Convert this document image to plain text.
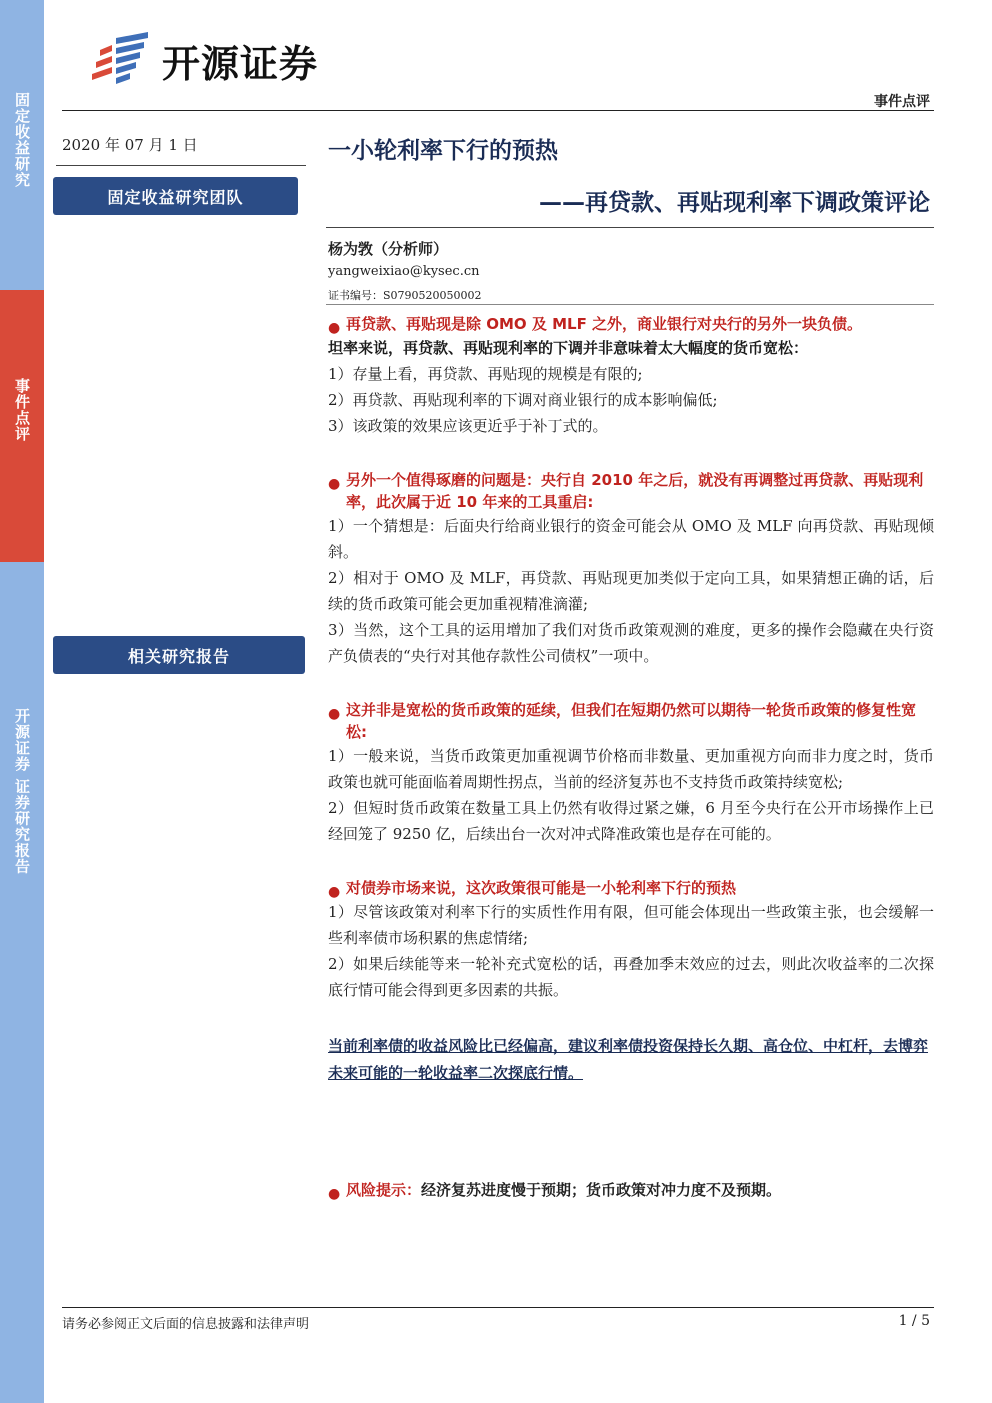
固定收益研究
事件点评
开源证券 证券研究报告
开源证券
事件点评
2020 年 07 月 1 日
固定收益研究团队
相关研究报告
一小轮利率下行的预热
——再贷款、再贴现利率下调政策评论
杨为敩（分析师）
yangweixiao@kysec.cn
证书编号：S0790520050002
● 再贷款、再贴现是除 OMO 及 MLF 之外，商业银行对央行的另外一块负债。
坦率来说，再贷款、再贴现利率的下调并非意味着太大幅度的货币宽松：
1）存量上看，再贷款、再贴现的规模是有限的;
2）再贷款、再贴现利率的下调对商业银行的成本影响偏低;
3）该政策的效果应该更近乎于补丁式的。
● 另外一个值得琢磨的问题是：央行自 2010 年之后，就没有再调整过再贷款、再贴现利率，此次属于近 10 年来的工具重启:
1）一个猜想是：后面央行给商业银行的资金可能会从 OMO 及 MLF 向再贷款、再贴现倾斜。
2）相对于 OMO 及 MLF，再贷款、再贴现更加类似于定向工具，如果猜想正确的话，后续的货币政策可能会更加重视精准滴灌;
3）当然，这个工具的运用增加了我们对货币政策观测的难度，更多的操作会隐藏在央行资产负债表的“央行对其他存款性公司债权”一项中。
● 这并非是宽松的货币政策的延续，但我们在短期仍然可以期待一轮货币政策的修复性宽松:
1）一般来说，当货币政策更加重视调节价格而非数量、更加重视方向而非力度之时，货币政策也就可能面临着周期性拐点，当前的经济复苏也不支持货币政策持续宽松;
2）但短时货币政策在数量工具上仍然有收得过紧之嫌，6 月至今央行在公开市场操作上已经回笼了 9250 亿，后续出台一次对冲式降准政策也是存在可能的。
● 对债券市场来说，这次政策很可能是一小轮利率下行的预热
1）尽管该政策对利率下行的实质性作用有限，但可能会体现出一些政策主张，也会缓解一些利率债市场积累的焦虑情绪;
2）如果后续能等来一轮补充式宽松的话，再叠加季末效应的过去，则此次收益率的二次探底行情可能会得到更多因素的共振。
当前利率债的收益风险比已经偏高，建议利率债投资保持长久期、高仓位、中杠杆，去博弈未来可能的一轮收益率二次探底行情。
● 风险提示：经济复苏进度慢于预期；货币政策对冲力度不及预期。
请务必参阅正文后面的信息披露和法律声明	1 / 5
